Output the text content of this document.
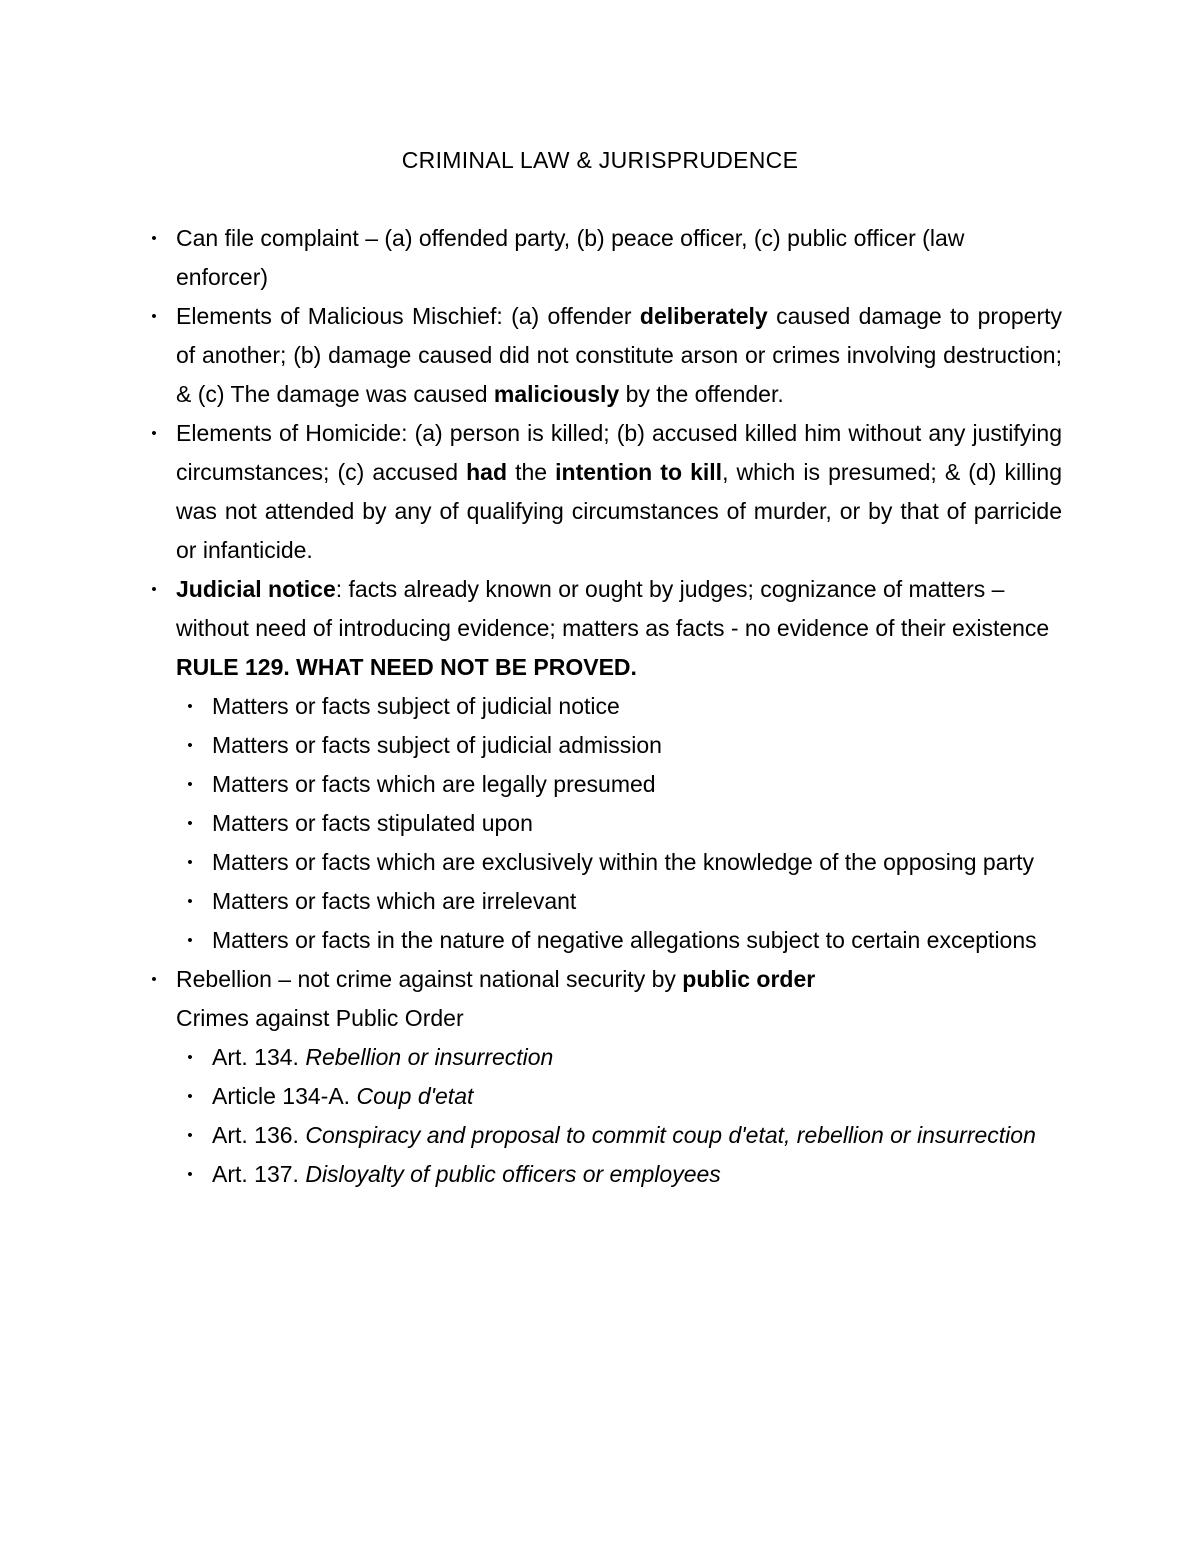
CRIMINAL LAW & JURISPRUDENCE
• Can file complaint – (a) offended party, (b) peace officer, (c) public officer (law enforcer)
• Elements of Malicious Mischief: (a) offender deliberately caused damage to property of another; (b) damage caused did not constitute arson or crimes involving destruction; & (c) The damage was caused maliciously by the offender.
• Elements of Homicide: (a) person is killed; (b) accused killed him without any justifying circumstances; (c) accused had the intention to kill, which is presumed; & (d) killing was not attended by any of qualifying circumstances of murder, or by that of parricide or infanticide.
• Judicial notice: facts already known or ought by judges; cognizance of matters – without need of introducing evidence; matters as facts - no evidence of their existence
RULE 129. WHAT NEED NOT BE PROVED.
• Matters or facts subject of judicial notice
• Matters or facts subject of judicial admission
• Matters or facts which are legally presumed
• Matters or facts stipulated upon
• Matters or facts which are exclusively within the knowledge of the opposing party
• Matters or facts which are irrelevant
• Matters or facts in the nature of negative allegations subject to certain exceptions
• Rebellion – not crime against national security by public order
Crimes against Public Order
• Art. 134. Rebellion or insurrection
• Article 134-A. Coup d'etat
• Art. 136. Conspiracy and proposal to commit coup d'etat, rebellion or insurrection
• Art. 137. Disloyalty of public officers or employees
